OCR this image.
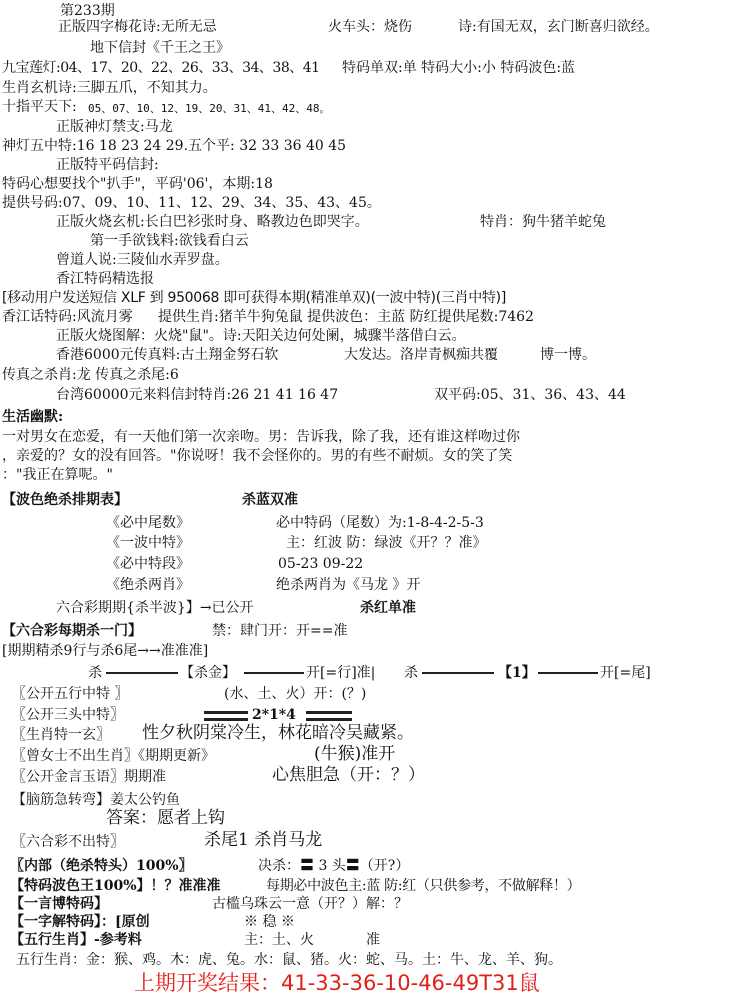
第233期
正版四字梅花诗:无所无忌	火车头：烧伤	诗:有国无双，玄门断喜归欲经。
地下信封《千王之王》
九宝莲灯:04、17、20、22、26、33、34、38、41 特码单双:单 特码大小:小 特码波色:蓝
生肖玄机诗:三脚五爪，不知其力。
十指平天下: 05、07、10、12、19、20、31、41、42、48。
正版神灯禁支:马龙
神灯五中特:16 18 23 24 29.五个平: 32 33 36 40 45
正版特平码信封:
特码心想要找个"扒手"，平码'06'，本期:18
提供号码:07、09、10、11、12、29、34、35、43、45。
正版火烧玄机:长白巴衫张时身、略教边色即哭字。	特肖：狗牛猪羊蛇兔
第一手欲钱料:欲钱看白云
曾道人说:三陵仙水弄罗盘。
香江特码精选报
[移动用户发送短信 XLF 到 950068 即可获得本期(精准单双)(一波中特)(三肖中特)]
香江话特码:风流月雾 提供生肖:猪羊牛狗兔鼠 提供波色：主蓝 防红提供尾数:7462
正版火烧图解：火烧"鼠"。诗:天阳关边何处阑，城骤半落借白云。
香港6000元传真料:古土翔金努石软	大发达。洛岸青枫痴共覆	博一博。
传真之杀肖:龙 传真之杀尾:6
台湾60000元来料信封特肖:26 21 41 16 47	双平码:05、31、36、43、44
生活幽默:
一对男女在恋爱，有一天他们第一次亲吻。男：告诉我，除了我，还有谁这样吻过你
，亲爱的？女的没有回答。"你说呀！我不会怪你的。男的有些不耐烦。女的笑了笑
："我正在算呢。"
【波色绝杀排期表】	杀蓝双准
《必中尾数》	必中特码（尾数）为:1-8-4-2-5-3
《一波中特》	主：红波 防：绿波《开？？准》
《必中特段》	05-23 09-22
《绝杀两肖》	绝杀两肖为《马龙 》开
六合彩期期{杀半波}】→已公开	杀红单准
【六合彩每期杀一门】	禁：肆门开：开==准
[期期精杀9行与杀6尾→→准准准]
杀	【杀金】	开[=行]准| 杀	【1】	开[=尾]
〖公开五行中特 〗	(水、土、火）开：(？)
〖公开三头中特〗	2*1*4
〖生肖特一玄〗 性夕秋阴棠冷生，林花暗冷吴藏紧。
〖曾女士不出生肖〗《期期更新》	(牛猴)准开
〖公开金言玉语〗期期准	心焦胆急（开：？）
【脑筋急转弯】姜太公钓鱼
答案：愿者上钩
〖六合彩不出特〗	杀尾1 杀肖马龙
〖内部（绝杀特头）100%〗	决杀：〓 3 头〓（开?）
【特码波色王100%】！？准准准	每期必中波色主:蓝 防:红（只供参考，不做解释！）
【一言博特码】	古槛乌珠云一意（开？）解：？
【一字解特码】：[原创	※ 稳 ※
【五行生肖】-参考料	主：土、火	准
五行生肖：金：猴、鸡。木：虎、兔。水：鼠、猪。火：蛇、马。土：牛、龙、羊、狗。
上期开奖结果：41-33-36-10-46-49T31鼠
